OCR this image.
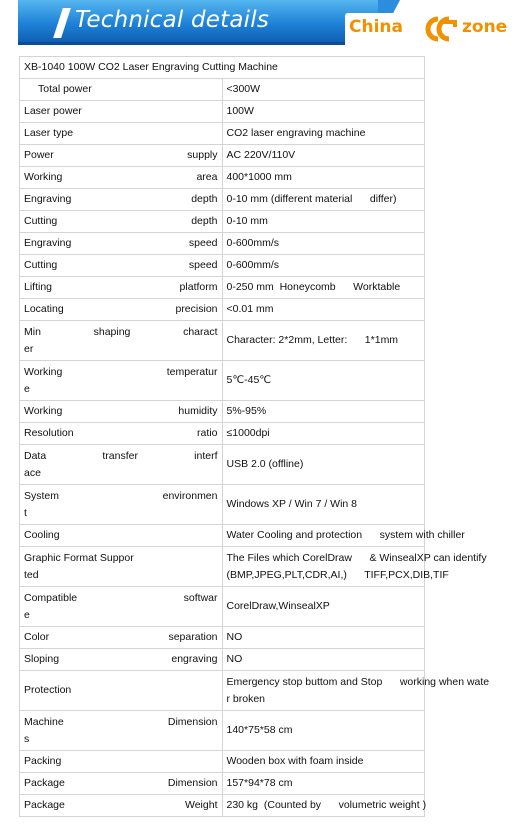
Technical details	China	zone
XB-1040 100W CO2 Laser Engraving Cutting Machine	

Total power	<300W

Laser power	100W

Laser type	CO2 laser engraving machine

Power supply	AC 220V/110V

Working area	400*1000 mm

Engraving depth	0-10 mm (different material      differ)

Cutting depth	0-10 mm

Engraving speed	0-600mm/s

Cutting speed	0-600mm/s

Lifting platform	0-250 mm  Honeycomb      Worktable

Locating precision	<0.01 mm

Min shaping charact
er	Character: 2*2mm, Letter:      1*1mm

Working temperatur
e	5℃-45℃

Working humidity	5%-95%

Resolution ratio	≤1000dpi

Data transfer interf
ace	USB 2.0 (offline)

System environmen
t	Windows XP / Win 7 / Win 8

Cooling	Water Cooling and protection      system with chiller

Graphic Format Suppor
ted	The Files which CorelDraw      & WinsealXP can identify
(BMP,JPEG,PLT,CDR,AI,)      TIFF,PCX,DIB,TIF

Compatible softwar
e	CorelDraw,WinsealXP

Color separation	NO

Sloping engraving	NO

Protection	Emergency stop buttom and Stop      working when wate
r broken

Machine Dimension
s	140*75*58 cm

Packing	Wooden box with foam inside

Package Dimension	157*94*78 cm

Package Weight	230 kg  (Counted by      volumetric weight )
